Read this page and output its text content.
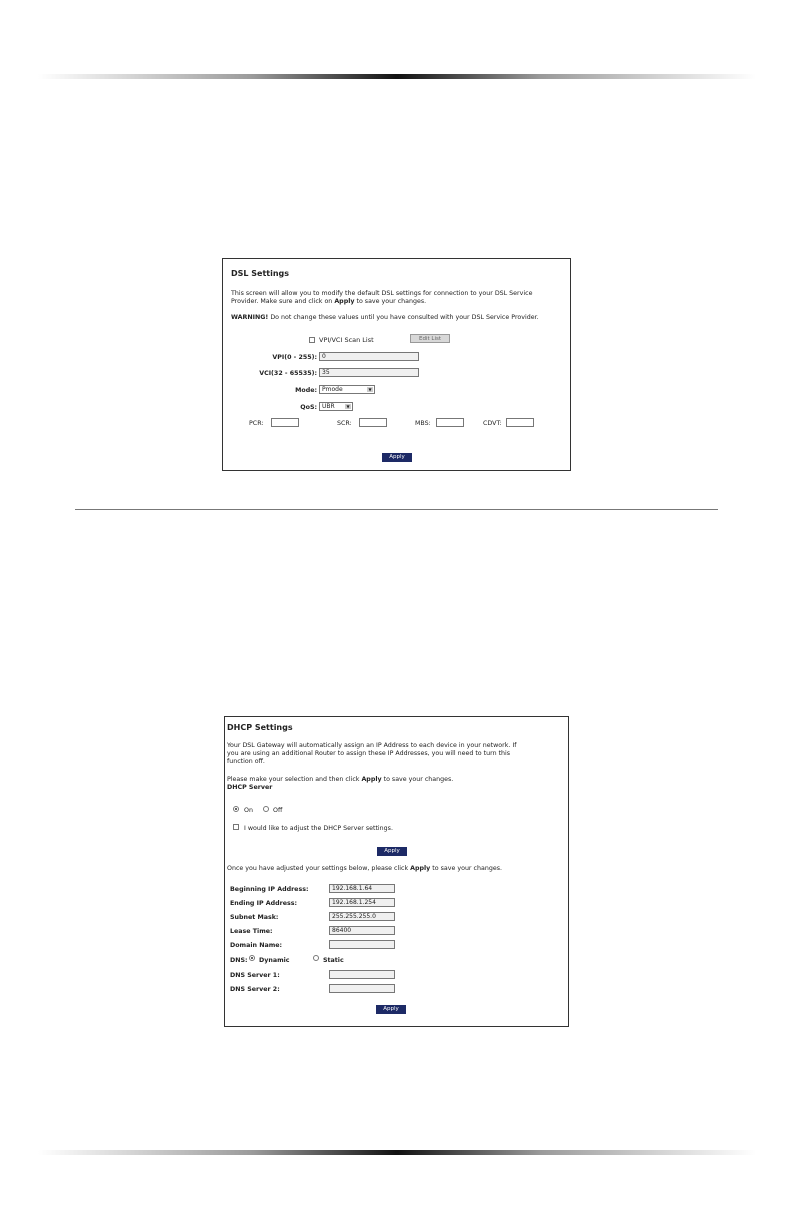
DSL Settings

This screen will allow you to modify the default DSL settings for connection to your DSL Service

Provider. Make sure and click on Apply to save your changes.

WARNING! Do not change these values until you have consulted with your DSL Service Provider.
VPI/VCI Scan List	Edit List
VPI(0 - 255): 0
VCI(32 - 65535): 35
Mode: Pmode	▼
QoS: UBR	▼
PCR:	SCR:	MBS:	CDVT:
Apply
DHCP Settings

Your DSL Gateway will automatically assign an IP Address to each device in your network. If

you are using an additional Router to assign these IP Addresses, you will need to turn this

function off.

Please make your selection and then click Apply to save your changes.
DHCP Server
On	Off
I would like to adjust the DHCP Server settings.
Apply
Once you have adjusted your settings below, please click Apply to save your changes.
Beginning IP Address:	192.168.1.64
Ending IP Address:	192.168.1.254
Subnet Mask:	255.255.255.0
Lease Time:	86400
Domain Name:
DNS: Dynamic	Static
DNS Server 1:
DNS Server 2:
Apply
